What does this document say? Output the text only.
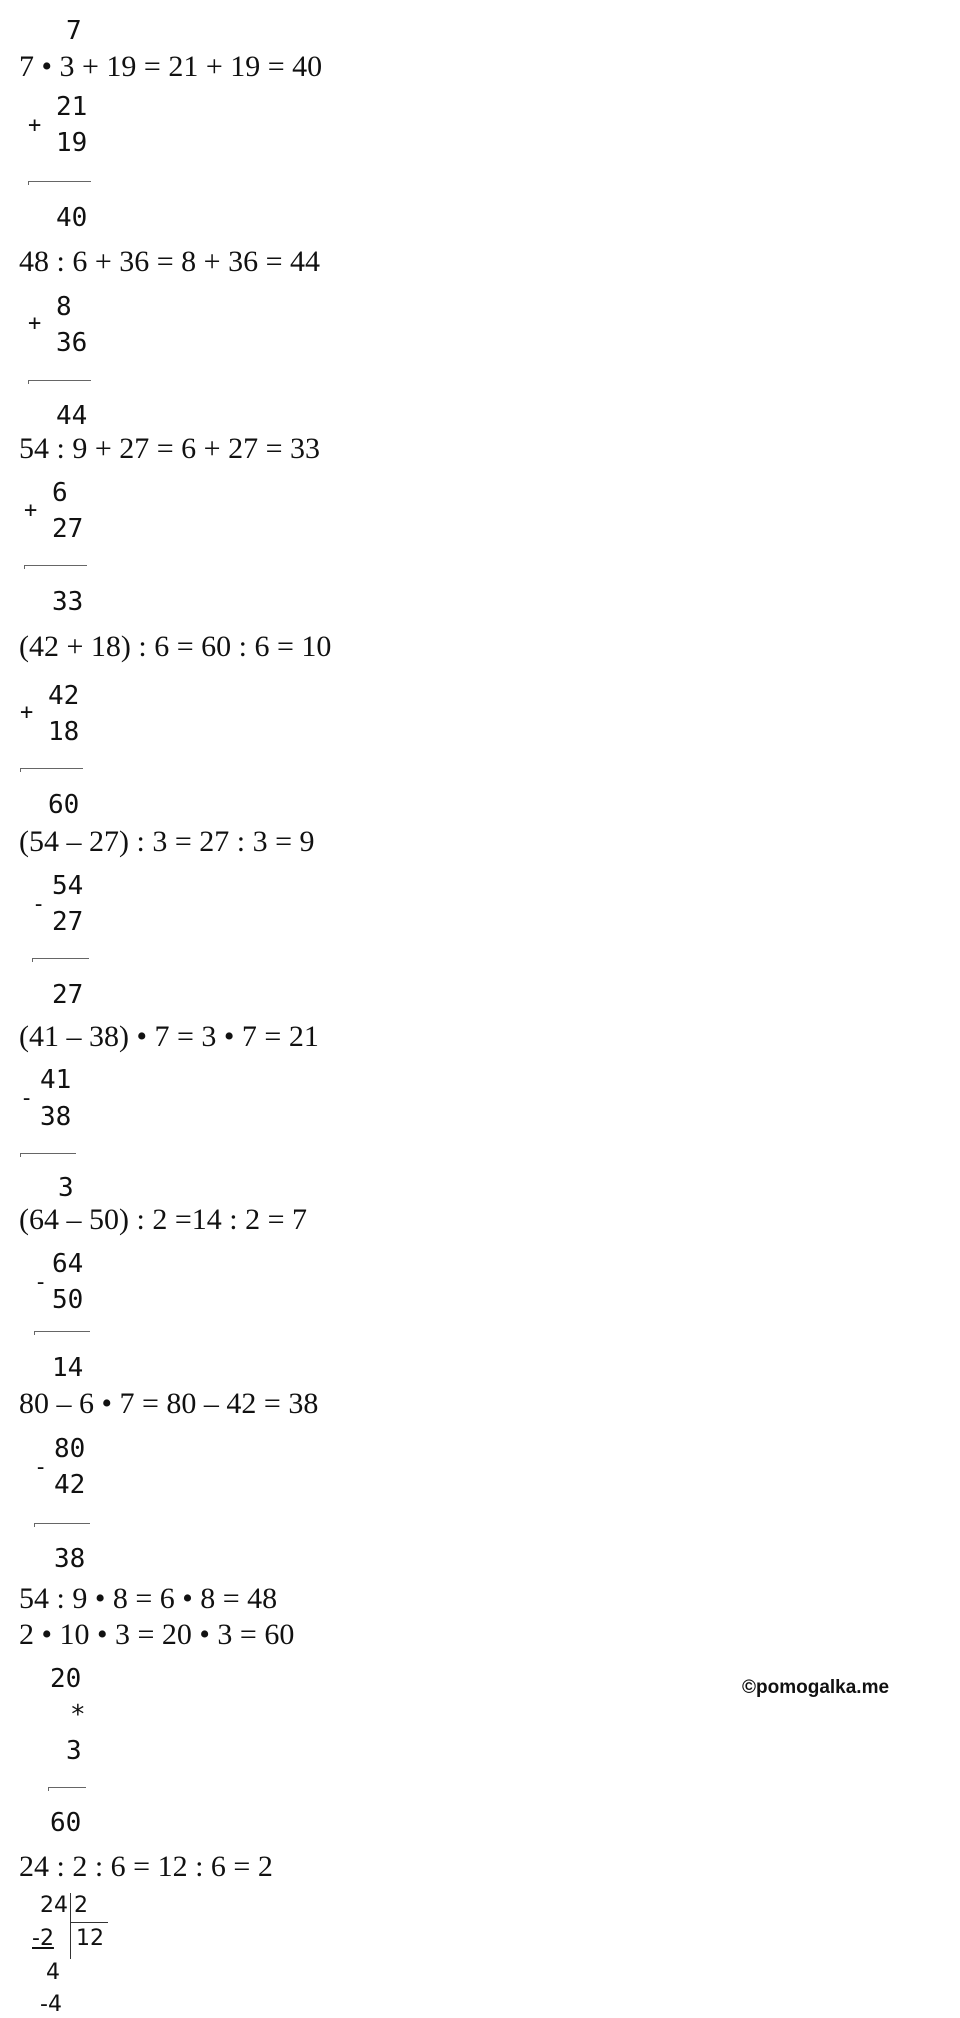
7
7 • 3 + 19 = 21 + 19 = 40
+
21
19
40
48 : 6 + 36 = 8 + 36 = 44
+
8
36
44
54 : 9 + 27 = 6 + 27 = 33
+
6
27
33
(42 + 18) : 6 = 60 : 6 = 10
+
42
18
60
(54 – 27) : 3 = 27 : 3 = 9
-
54
27
27
(41 – 38) • 7 = 3 • 7 = 21
-
41
38
3
(64 – 50) : 2 =14 : 2 = 7
-
64
50
14
80 – 6 • 7 = 80 – 42 = 38
-
80
42
38
54 : 9 • 8 = 6 • 8 = 48
2 • 10 • 3 = 20 • 3 = 60
20
*
3
60
©pomogalka.me
24 : 2 : 6 = 12 : 6 = 2
24 2
12
-2
4
-4
